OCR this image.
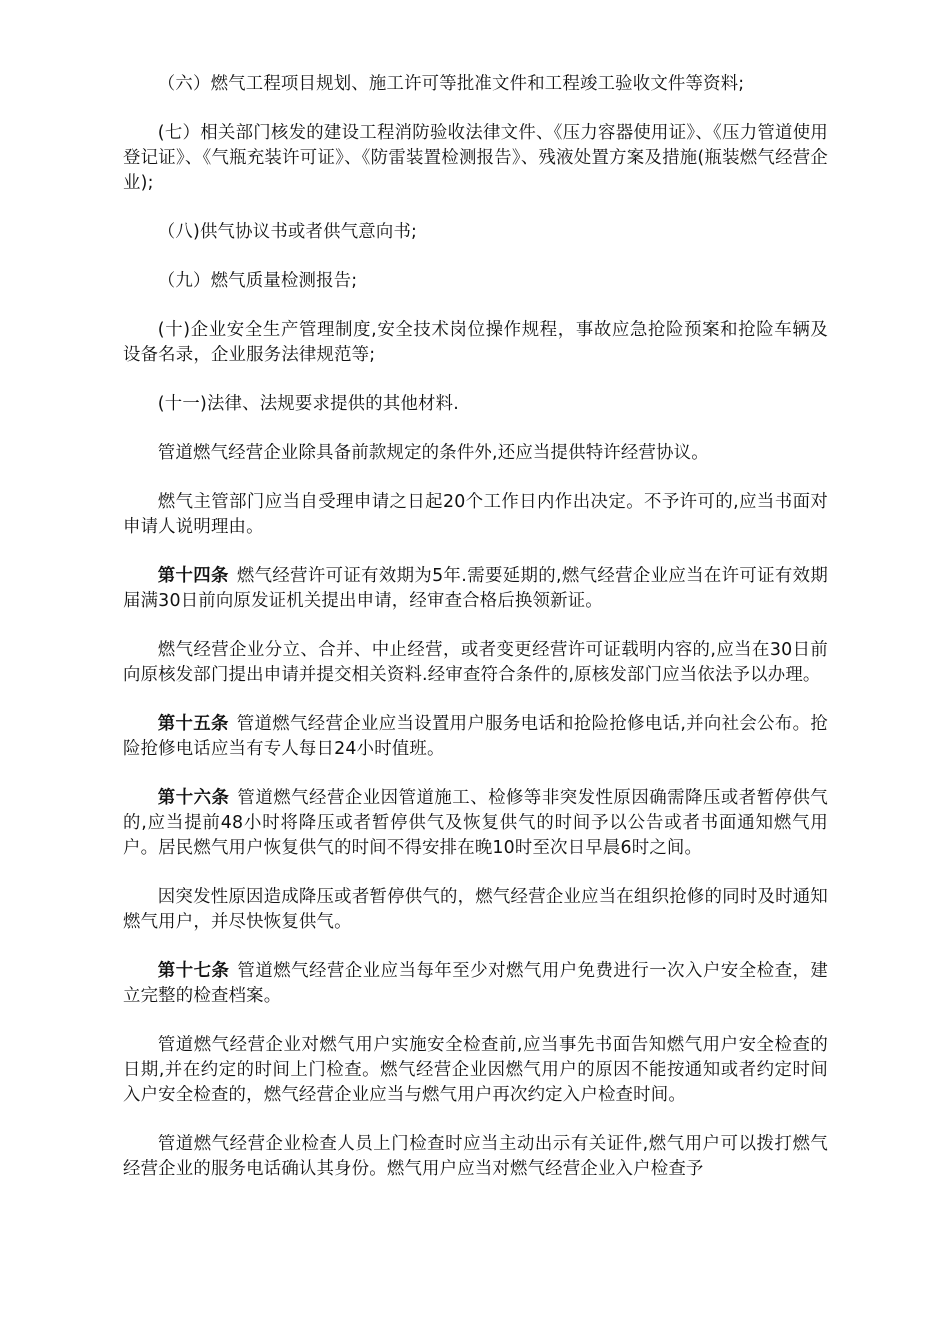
（六）燃气工程项目规划、施工许可等批准文件和工程竣工验收文件等资料;

(七）相关部门核发的建设工程消防验收法律文件、《压力容器使用证》、《压力管道使用登记证》、《气瓶充装许可证》、《防雷装置检测报告》、残液处置方案及措施(瓶装燃气经营企业);

（八)供气协议书或者供气意向书;

（九）燃气质量检测报告;

(十)企业安全生产管理制度,安全技术岗位操作规程，事故应急抢险预案和抢险车辆及设备名录，企业服务法律规范等;

(十一)法律、法规要求提供的其他材料.

管道燃气经营企业除具备前款规定的条件外,还应当提供特许经营协议。

燃气主管部门应当自受理申请之日起20个工作日内作出决定。不予许可的,应当书面对申请人说明理由。

第十四条 燃气经营许可证有效期为5年.需要延期的,燃气经营企业应当在许可证有效期届满30日前向原发证机关提出申请，经审查合格后换领新证。

燃气经营企业分立、合并、中止经营，或者变更经营许可证载明内容的,应当在30日前向原核发部门提出申请并提交相关资料.经审查符合条件的,原核发部门应当依法予以办理。

第十五条 管道燃气经营企业应当设置用户服务电话和抢险抢修电话,并向社会公布。抢险抢修电话应当有专人每日24小时值班。

第十六条 管道燃气经营企业因管道施工、检修等非突发性原因确需降压或者暂停供气的,应当提前48小时将降压或者暂停供气及恢复供气的时间予以公告或者书面通知燃气用户。居民燃气用户恢复供气的时间不得安排在晚10时至次日早晨6时之间。

因突发性原因造成降压或者暂停供气的，燃气经营企业应当在组织抢修的同时及时通知燃气用户，并尽快恢复供气。

第十七条 管道燃气经营企业应当每年至少对燃气用户免费进行一次入户安全检查，建立完整的检查档案。

管道燃气经营企业对燃气用户实施安全检查前,应当事先书面告知燃气用户安全检查的日期,并在约定的时间上门检查。燃气经营企业因燃气用户的原因不能按通知或者约定时间入户安全检查的，燃气经营企业应当与燃气用户再次约定入户检查时间。

管道燃气经营企业检查人员上门检查时应当主动出示有关证件,燃气用户可以拨打燃气经营企业的服务电话确认其身份。燃气用户应当对燃气经营企业入户检查予
